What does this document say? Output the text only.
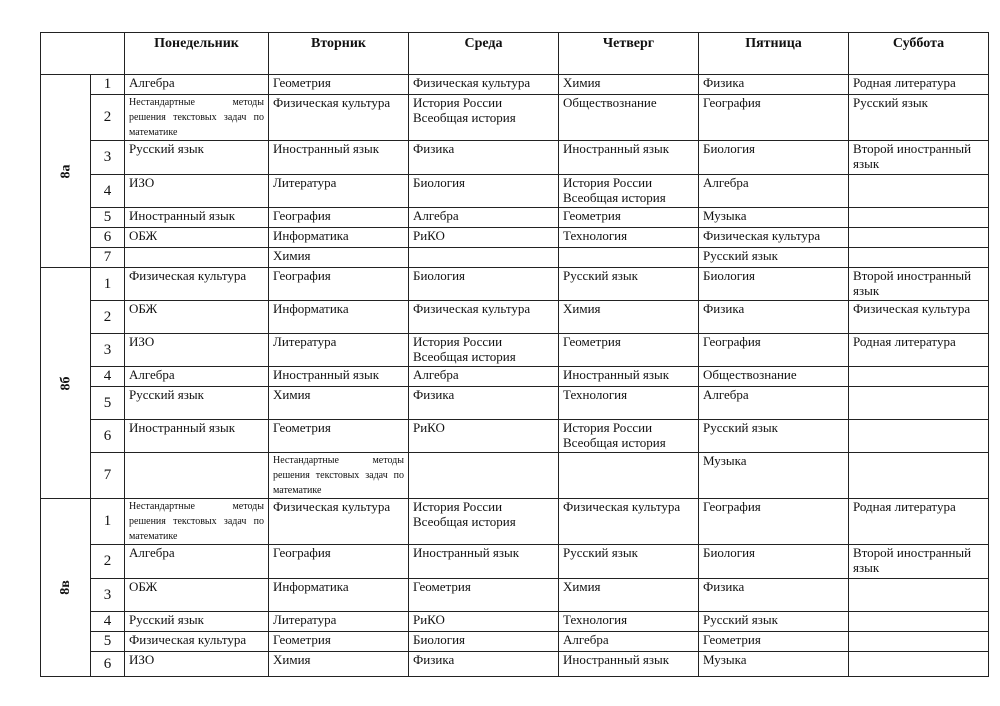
		Понедельник	Вторник	Среда	Четверг	Пятница	Суббота
8а	1	Алгебра	Геометрия	Физическая культура	Химия	Физика	Родная литература
	2	Нестандартные методы решения текстовых задач по математике	Физическая культура	История России Всеобщая история	Обществознание	География	Русский язык
	3	Русский язык	Иностранный язык	Физика	Иностранный язык	Биология	Второй иностранный язык
	4	ИЗО	Литература	Биология	История России Всеобщая история	Алгебра	
	5	Иностранный язык	География	Алгебра	Геометрия	Музыка	
	6	ОБЖ	Информатика	РиКО	Технология	Физическая культура	
	7		Химия			Русский язык	
8б	1	Физическая культура	География	Биология	Русский язык	Биология	Второй иностранный язык
	2	ОБЖ	Информатика	Физическая культура	Химия	Физика	Физическая культура
	3	ИЗО	Литература	История России Всеобщая история	Геометрия	География	Родная литература
	4	Алгебра	Иностранный язык	Алгебра	Иностранный язык	Обществознание	
	5	Русский язык	Химия	Физика	Технология	Алгебра	
	6	Иностранный язык	Геометрия	РиКО	История России Всеобщая история	Русский язык	
	7		Нестандартные методы решения текстовых задач по математике			Музыка	
8в	1	Нестандартные методы решения текстовых задач по математике	Физическая культура	История России Всеобщая история	Физическая культура	География	Родная литература
	2	Алгебра	География	Иностранный язык	Русский язык	Биология	Второй иностранный язык
	3	ОБЖ	Информатика	Геометрия	Химия	Физика	
	4	Русский язык	Литература	РиКО	Технология	Русский язык	
	5	Физическая культура	Геометрия	Биология	Алгебра	Геометрия	
	6	ИЗО	Химия	Физика	Иностранный язык	Музыка	
